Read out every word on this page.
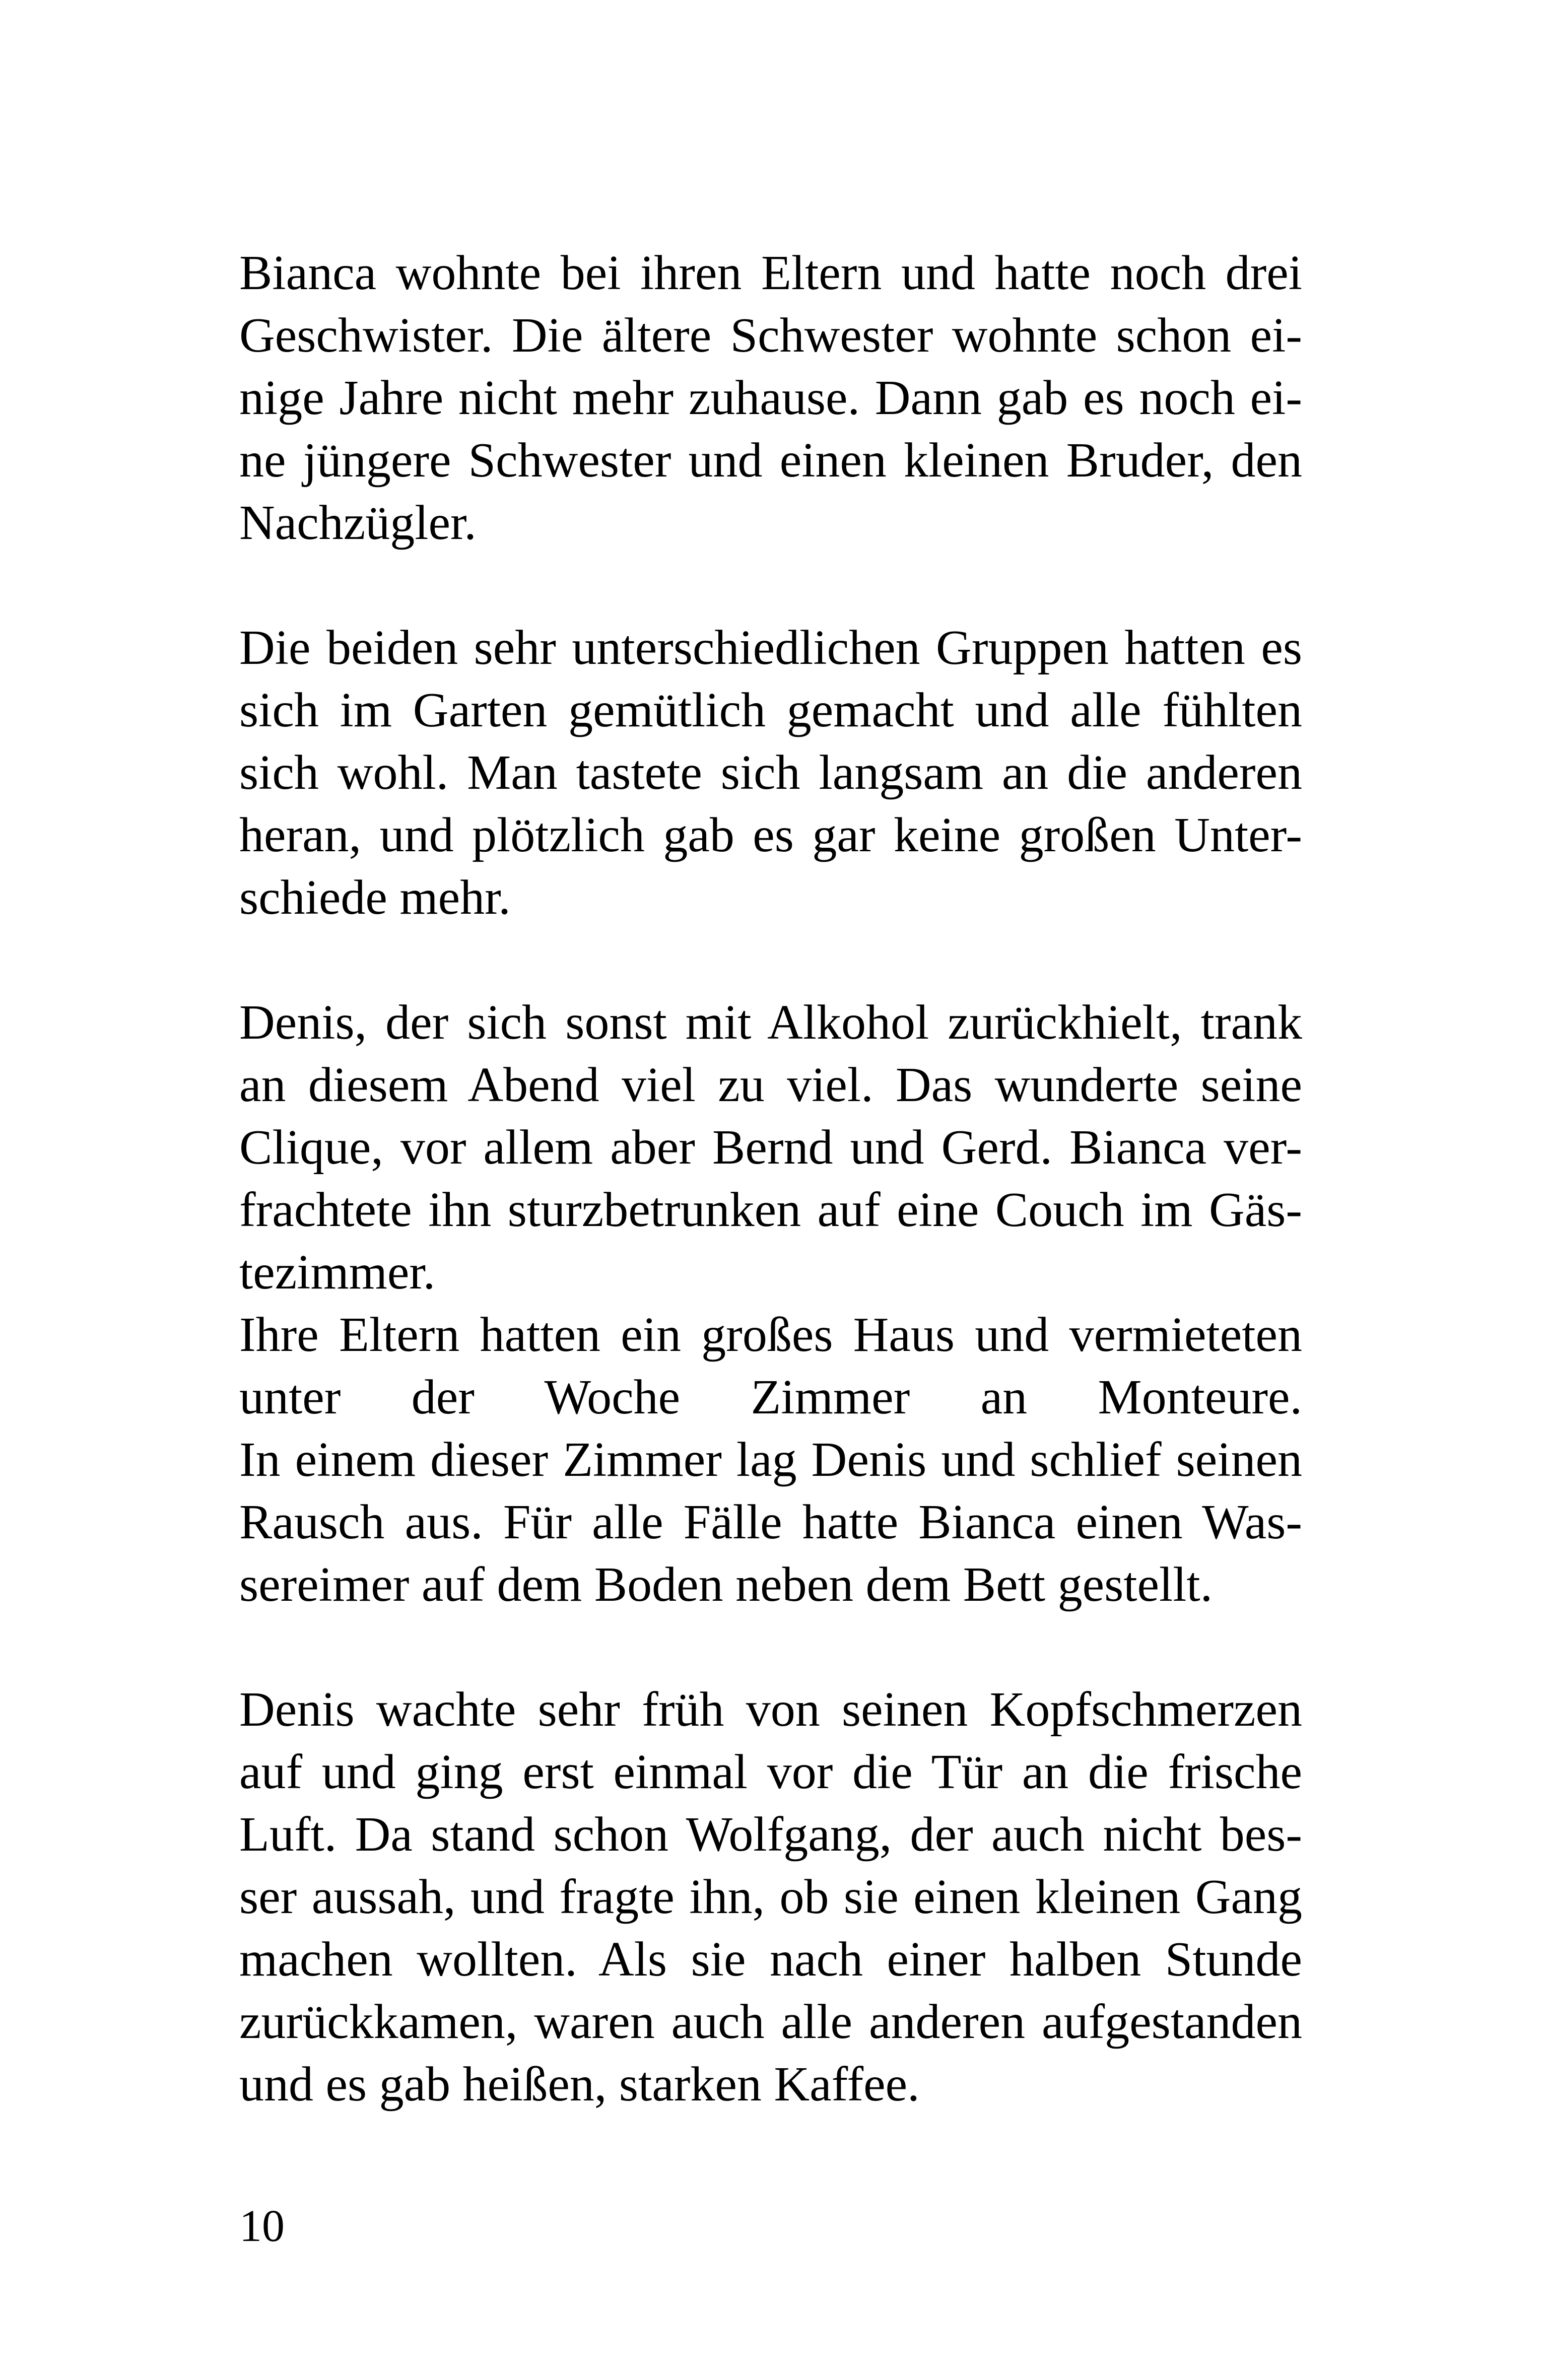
Bianca wohnte bei ihren Eltern und hatte noch drei
Geschwister. Die ältere Schwester wohnte schon ei-
nige Jahre nicht mehr zuhause. Dann gab es noch ei-
ne jüngere Schwester und einen kleinen Bruder, den
Nachzügler.
Die beiden sehr unterschiedlichen Gruppen hatten es
sich im Garten gemütlich gemacht und alle fühlten
sich wohl. Man tastete sich langsam an die anderen
heran, und plötzlich gab es gar keine großen Unter-
schiede mehr.
Denis, der sich sonst mit Alkohol zurückhielt, trank
an diesem Abend viel zu viel. Das wunderte seine
Clique, vor allem aber Bernd und Gerd. Bianca ver-
frachtete ihn sturzbetrunken auf eine Couch im Gäs-
tezimmer.
Ihre Eltern hatten ein großes Haus und vermieteten
unter der Woche Zimmer an Monteure.
In einem dieser Zimmer lag Denis und schlief seinen
Rausch aus. Für alle Fälle hatte Bianca einen Was-
sereimer auf dem Boden neben dem Bett gestellt.
Denis wachte sehr früh von seinen Kopfschmerzen
auf und ging erst einmal vor die Tür an die frische
Luft. Da stand schon Wolfgang, der auch nicht bes-
ser aussah, und fragte ihn, ob sie einen kleinen Gang
machen wollten. Als sie nach einer halben Stunde
zurückkamen, waren auch alle anderen aufgestanden
und es gab heißen, starken Kaffee.
10
